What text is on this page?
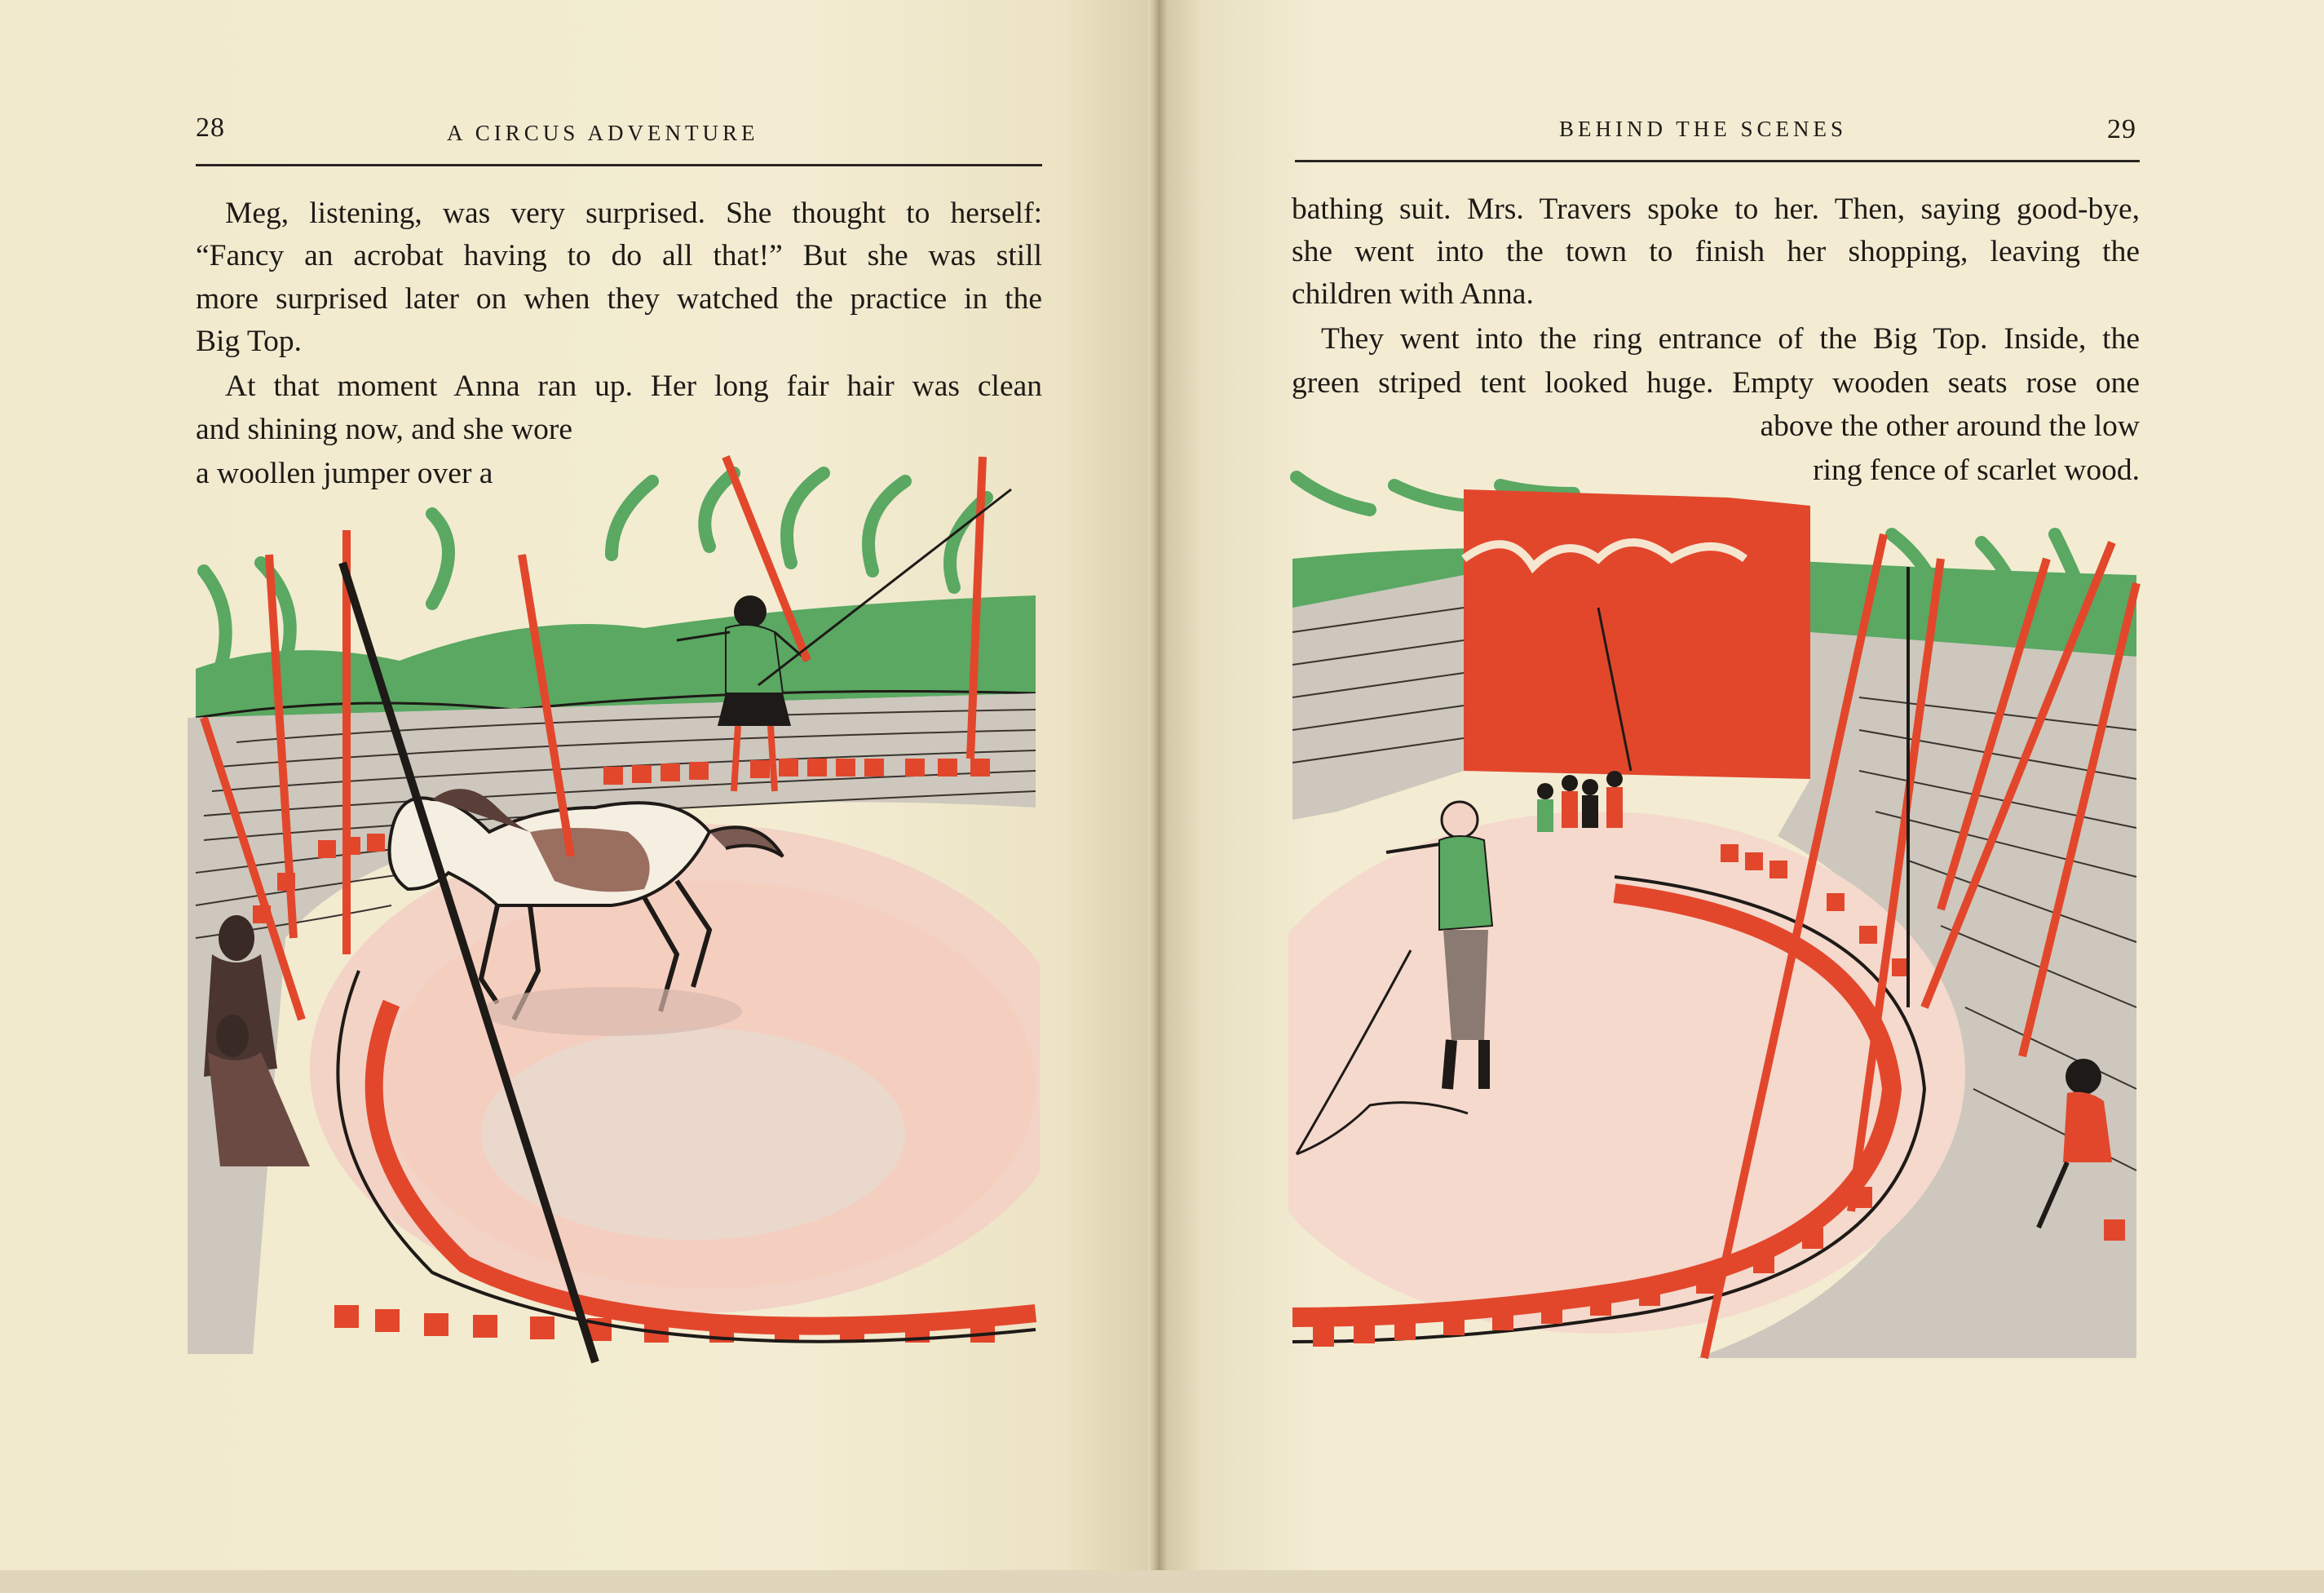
28	A CIRCUS ADVENTURE
Meg, listening, was very surprised. She thought to herself:
“Fancy an acrobat having to do all that!” But she was still
more surprised later on when they watched the practice in the
Big Top.
At that moment Anna ran up. Her long fair hair was clean
and shining now, and she wore
a woollen jumper over a
BEHIND THE SCENES	29
bathing suit. Mrs. Travers spoke to her. Then, saying good-bye,
she went into the town to finish her shopping, leaving the
children with Anna.
They went into the ring entrance of the Big Top. Inside, the
green striped tent looked huge. Empty wooden seats rose one
above the other around the low
ring fence of scarlet wood.
